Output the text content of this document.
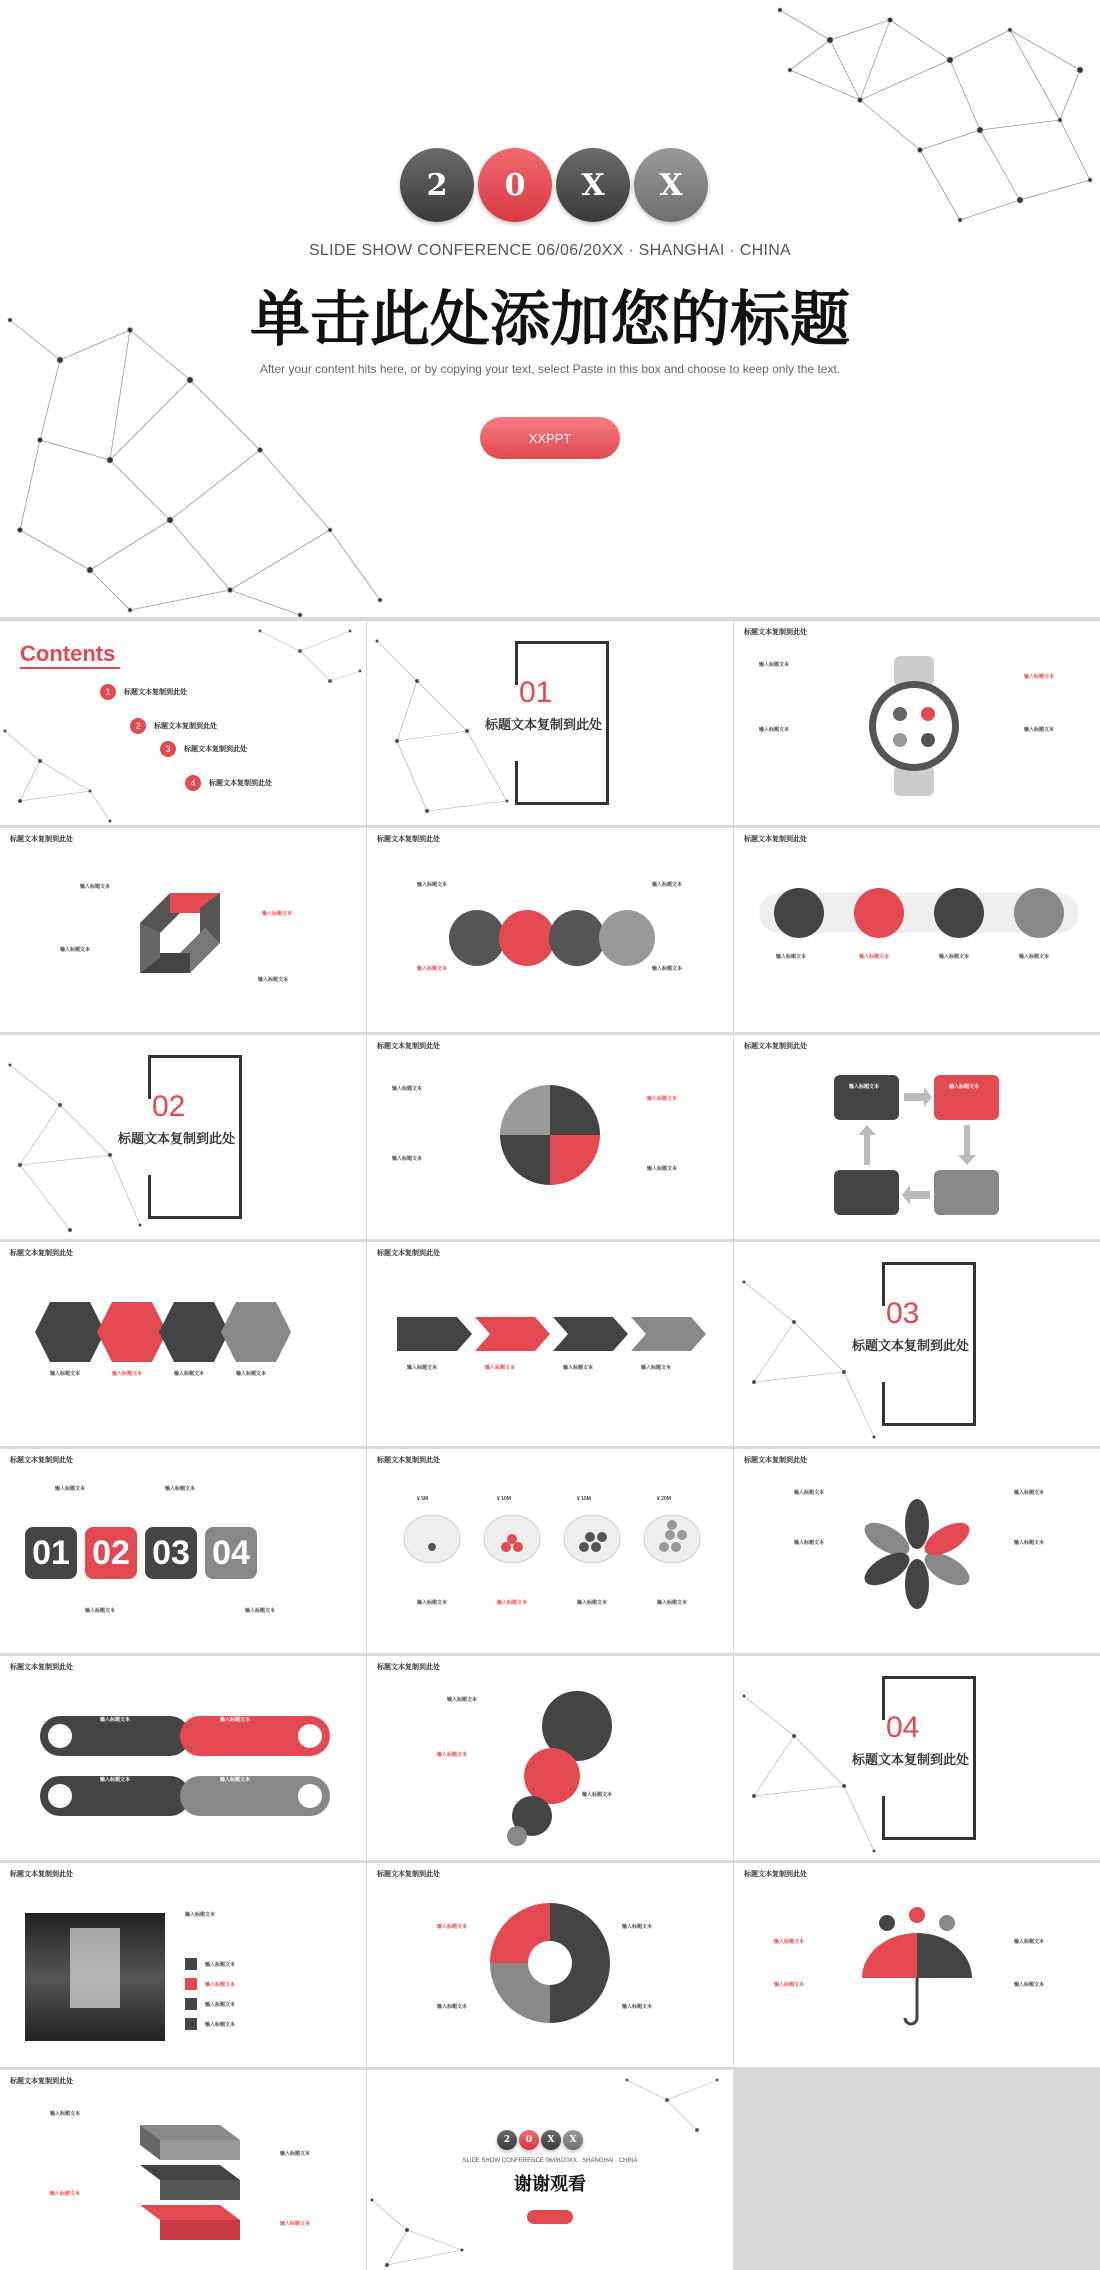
2	0	X	X
SLIDE SHOW CONFERENCE 06/06/20XX · SHANGHAI · CHINA
单击此处添加您的标题
After your content hits here, or by copying your text, select Paste in this box and choose to keep only the text.
XXPPT
Contents
1	标题文本复制到此处
2	标题文本复制到此处
3	标题文本复制到此处
4	标题文本复制到此处
01
标题文本复制到此处
标题文本复制到此处
输入标题文本
输入标题文本
输入标题文本
输入标题文本
标题文本复制到此处
输入标题文本
输入标题文本
输入标题文本
输入标题文本
标题文本复制到此处
输入标题文本
输入标题文本
输入标题文本
输入标题文本
标题文本复制到此处
输入标题文本	输入标题文本	输入标题文本	输入标题文本
02
标题文本复制到此处
标题文本复制到此处
输入标题文本
输入标题文本
输入标题文本
输入标题文本
标题文本复制到此处
输入标题文本	输入标题文本
标题文本复制到此处
输入标题文本	输入标题文本	输入标题文本	输入标题文本
标题文本复制到此处
输入标题文本	输入标题文本	输入标题文本	输入标题文本
03
标题文本复制到此处
标题文本复制到此处
01 02 03 04
输入标题文本	输入标题文本
输入标题文本	输入标题文本
标题文本复制到此处
¥ 5M	¥ 10M	¥ 15M	¥ 20M
输入标题文本	输入标题文本	输入标题文本	输入标题文本
标题文本复制到此处
输入标题文本
输入标题文本
输入标题文本
输入标题文本
标题文本复制到此处
输入标题文本
输入标题文本
输入标题文本
输入标题文本
标题文本复制到此处
输入标题文本
输入标题文本
输入标题文本
04
标题文本复制到此处
标题文本复制到此处
输入标题文本
输入标题文本
输入标题文本
输入标题文本
输入标题文本
标题文本复制到此处
输入标题文本	输入标题文本
输入标题文本	输入标题文本
标题文本复制到此处
输入标题文本
输入标题文本
输入标题文本
输入标题文本
标题文本复制到此处
输入标题文本
输入标题文本
输入标题文本
输入标题文本
2	0	X	X
SLIDE SHOW CONFERENCE 06/06/20XX · SHANGHAI · CHINA
谢谢观看
